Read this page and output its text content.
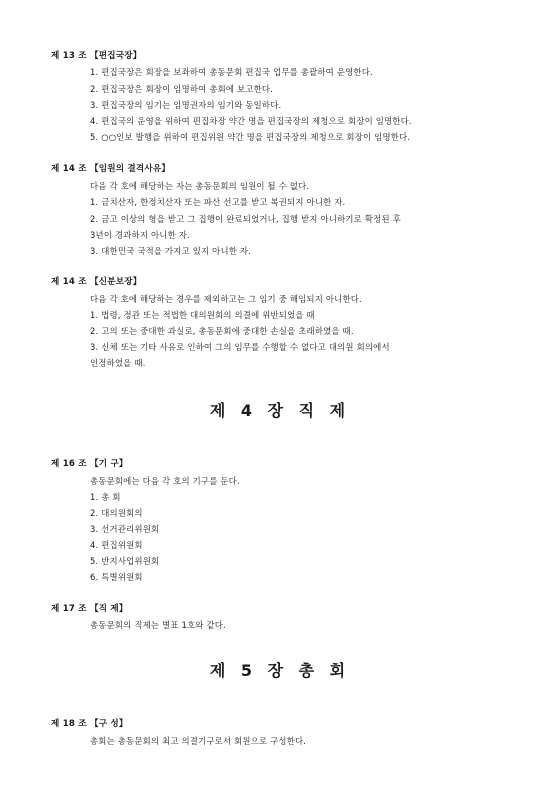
제 13 조 【편집국장】
1. 편집국장은 회장을 보좌하여 총동문회 편집국 업무를 총괄하여 운영한다.
2. 편집국장은 회장이 임명하여 총회에 보고한다.
3. 편집국장의 임기는 임명권자의 임기와 동일하다.
4. 편집국의 운영을 위하여 편집차장 약간 명을 편집국장의 제청으로 회장이 임명한다.
5. ○○인보 발행을 위하여 편집위원 약간 명을 편집국장의 제청으로 회장이 임명한다.
제 14 조 【임원의 결격사유】
다음 각 호에 해당하는 자는 총동문회의 임원이 될 수 없다.
1. 금치산자, 한정치산자 또는 파산 선고를 받고 복권되지 아니한 자.
2. 금고 이상의 형을 받고 그 집행이 완료되었거나, 집행 받지 아니하기로 확정된 후
3년이 경과하지 아니한 자.
3. 대한민국 국적을 가지고 있지 아니한 자.
제 14 조 【신분보장】
다음 각 호에 해당하는 경우를 제외하고는 그 임기 중 해임되지 아니한다.
1. 법령, 정관 또는 적법한 대의원회의 의결에 위반되었을 때
2. 고의 또는 중대한 과실로, 총동문회에 중대한 손실을 초래하였을 때.
3. 신체 또는 기타 사유로 인하여 그의 임무를 수행할 수 없다고 대의원 회의에서
인정하였을 때.
제 4 장 직 제
제 16 조 【기 구】
총동문회에는 다음 각 호의 기구를 둔다.
1. 총 회
2. 대의원회의
3. 선거관리위원회
4. 편집위원회
5. 반지사업위원회
6. 특별위원회
제 17 조 【직 제】
총동문회의 직제는 별표 1호와 같다.
제 5 장 총 회
제 18 조 【구 성】
총회는 총동문회의 최고 의결기구로서 회원으로 구성한다.
